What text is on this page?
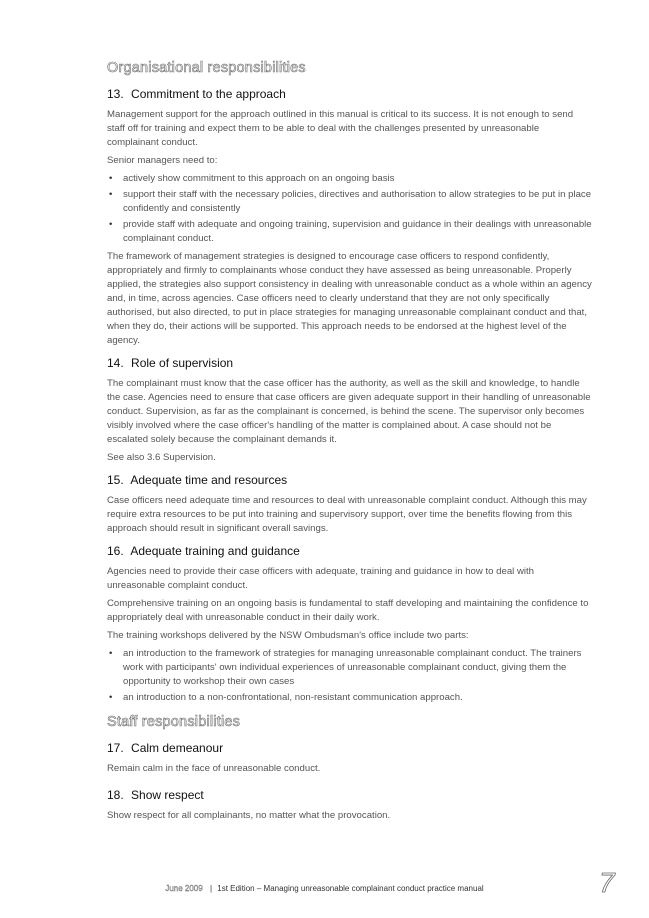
Organisational responsibilities
13. Commitment to the approach

Management support for the approach outlined in this manual is critical to its success. It is not enough to send staff off for training and expect them to be able to deal with the challenges presented by unreasonable complainant conduct.

Senior managers need to:

• actively show commitment to this approach on an ongoing basis
• support their staff with the necessary policies, directives and authorisation to allow strategies to be put in place confidently and consistently
• provide staff with adequate and ongoing training, supervision and guidance in their dealings with unreasonable complainant conduct.

The framework of management strategies is designed to encourage case officers to respond confidently, appropriately and firmly to complainants whose conduct they have assessed as being unreasonable. Properly applied, the strategies also support consistency in dealing with unreasonable conduct as a whole within an agency and, in time, across agencies. Case officers need to clearly understand that they are not only specifically authorised, but also directed, to put in place strategies for managing unreasonable complainant conduct and that, when they do, their actions will be supported. This approach needs to be endorsed at the highest level of the agency.

14. Role of supervision

The complainant must know that the case officer has the authority, as well as the skill and knowledge, to handle the case. Agencies need to ensure that case officers are given adequate support in their handling of unreasonable conduct. Supervision, as far as the complainant is concerned, is behind the scene. The supervisor only becomes visibly involved where the case officer's handling of the matter is complained about. A case should not be escalated solely because the complainant demands it.

See also 3.6 Supervision.

15. Adequate time and resources

Case officers need adequate time and resources to deal with unreasonable complaint conduct. Although this may require extra resources to be put into training and supervisory support, over time the benefits flowing from this approach should result in significant overall savings.

16. Adequate training and guidance

Agencies need to provide their case officers with adequate, training and guidance in how to deal with unreasonable complaint conduct.

Comprehensive training on an ongoing basis is fundamental to staff developing and maintaining the confidence to appropriately deal with unreasonable conduct in their daily work.

The training workshops delivered by the NSW Ombudsman's office include two parts:

• an introduction to the framework of strategies for managing unreasonable complainant conduct. The trainers work with participants' own individual experiences of unreasonable complainant conduct, giving them the opportunity to workshop their own cases
• an introduction to a non-confrontational, non-resistant communication approach.
Staff responsibilities
17. Calm demeanour

Remain calm in the face of unreasonable conduct.

18. Show respect

Show respect for all complainants, no matter what the provocation.

June 2009 | 1st Edition – Managing unreasonable complainant conduct practice manual	7
